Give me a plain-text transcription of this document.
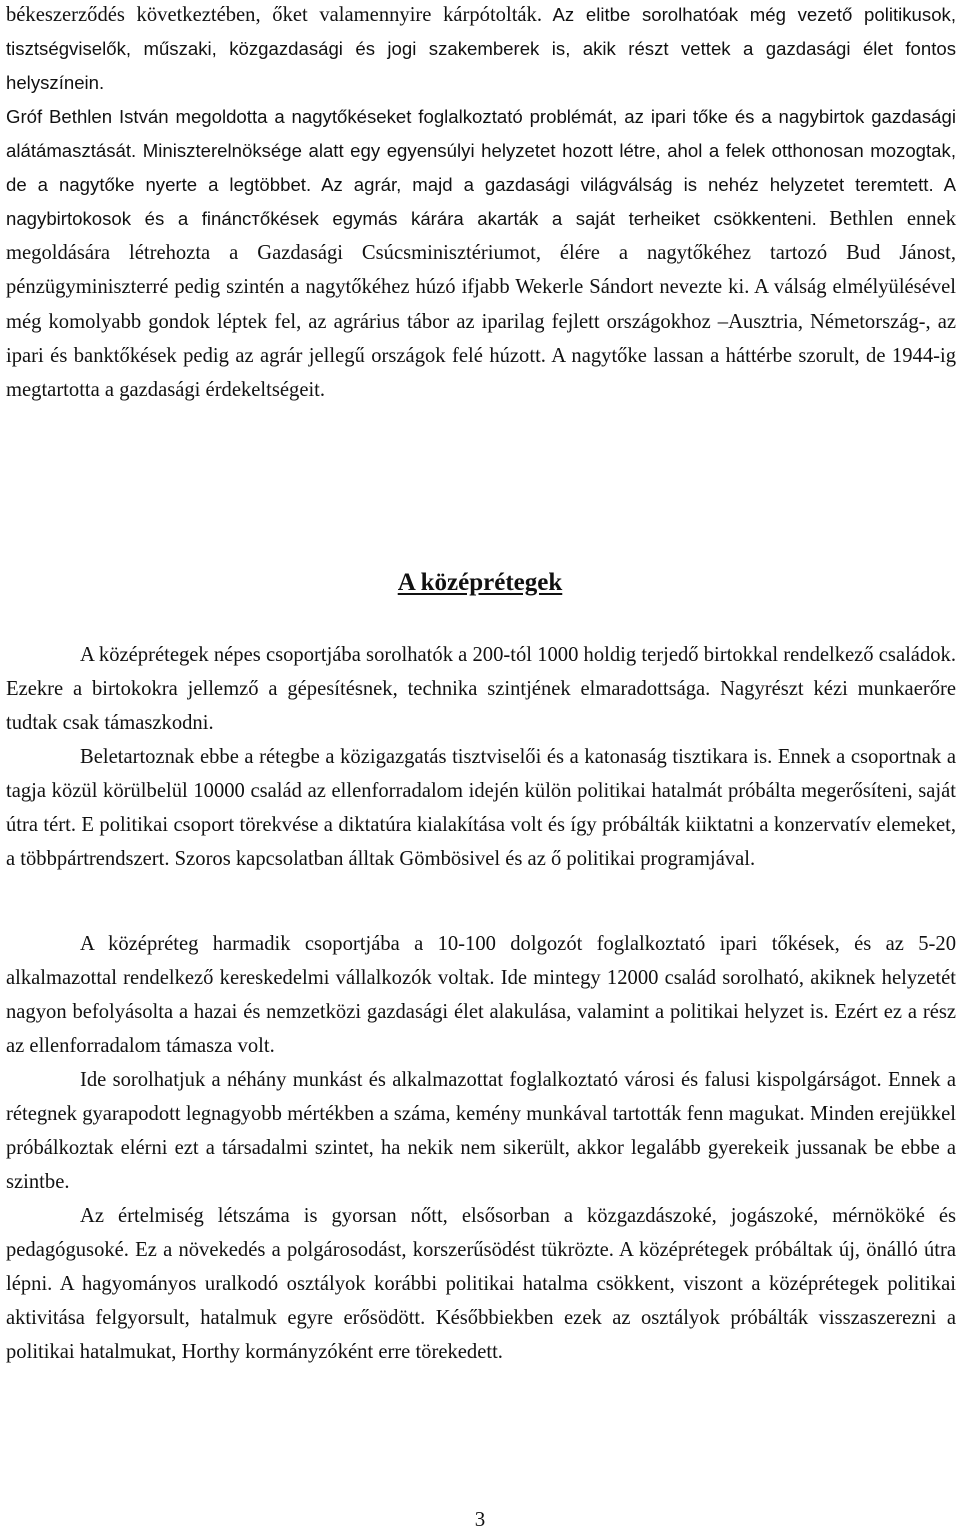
békeszerződés következtében, őket valamennyire kárpótolták. Az elitbe sorolhatóak még vezető politikusok, tisztségviselők, műszaki, közgazdasági és jogi szakemberek is, akik részt vettek a gazdasági élet fontos helyszínein.

Gróf Bethlen István megoldotta a nagytőkéseket foglalkoztató problémát, az ipari tőke és a nagybirtok gazdasági alátámasztását. Miniszterelnöksége alatt egy egyensúlyi helyzetet hozott létre, ahol a felek otthonosan mozogtak, de a nagytőke nyerte a legtöbbet. Az agrár, majd a gazdasági világválság is nehéz helyzetet teremtett. A nagybirtokosok és a fináncтőkések egymás kárára akarták a saját terheiket csökkenteni. Bethlen ennek megoldására létrehozta a Gazdasági Csúcsminisztériumot, élére a nagytőkéhez tartozó Bud Jánost, pénzügyminiszterré pedig szintén a nagytőkéhez húzó ifjabb Wekerle Sándort nevezte ki. A válság elmélyülésével még komolyabb gondok léptek fel, az agrárius tábor az iparilag fejlett országokhoz –Ausztria, Németország-, az ipari és banktőkések pedig az agrár jellegű országok felé húzott. A nagytőke lassan a háttérbe szorult, de 1944-ig megtartotta a gazdasági érdekeltségeit.

A középrétegek

A középrétegek népes csoportjába sorolhatók a 200-tól 1000 holdig terjedő birtokkal rendelkező családok. Ezekre a birtokokra jellemző a gépesítésnek, technika szintjének elmaradottsága. Nagyrészt kézi munkaerőre tudtak csak támaszkodni.

Beletartoznak ebbe a rétegbe a közigazgatás tisztviselői és a katonaság tisztikara is. Ennek a csoportnak a tagja közül körülbelül 10000 család az ellenforradalom idején külön politikai hatalmát próbálta megerősíteni, saját útra tért. E politikai csoport törekvése a diktatúra kialakítása volt és így próbálták kiiktatni a konzervatív elemeket, a többpártrendszert. Szoros kapcsolatban álltak Gömbösivel és az ő politikai programjával.

A középréteg harmadik csoportjába a 10-100 dolgozót foglalkoztató ipari tőkések, és az 5-20 alkalmazottal rendelkező kereskedelmi vállalkozók voltak. Ide mintegy 12000 család sorolható, akiknek helyzetét nagyon befolyásolta a hazai és nemzetközi gazdasági élet alakulása, valamint a politikai helyzet is. Ezért ez a rész az ellenforradalom támasza volt.

Ide sorolhatjuk a néhány munkást és alkalmazottat foglalkoztató városi és falusi kispolgárságot. Ennek a rétegnek gyarapodott legnagyobb mértékben a száma, kemény munkával tartották fenn magukat. Minden erejükkel próbálkoztak elérni ezt a társadalmi szintet, ha nekik nem sikerült, akkor legalább gyerekeik jussanak be ebbe a szintbe.

Az értelmiség létszáma is gyorsan nőtt, elsősorban a közgazdászoké, jogászoké, mérnököké és pedagógusoké. Ez a növekedés a polgárosodást, korszerűsödést tükrözte. A középrétegek próbáltak új, önálló útra lépni. A hagyományos uralkodó osztályok korábbi politikai hatalma csökkent, viszont a középrétegek politikai aktivitása felgyorsult, hatalmuk egyre erősödött. Későbbiekben ezek az osztályok próbálták visszaszerezni a politikai hatalmukat, Horthy kormányzóként erre törekedett.

3
